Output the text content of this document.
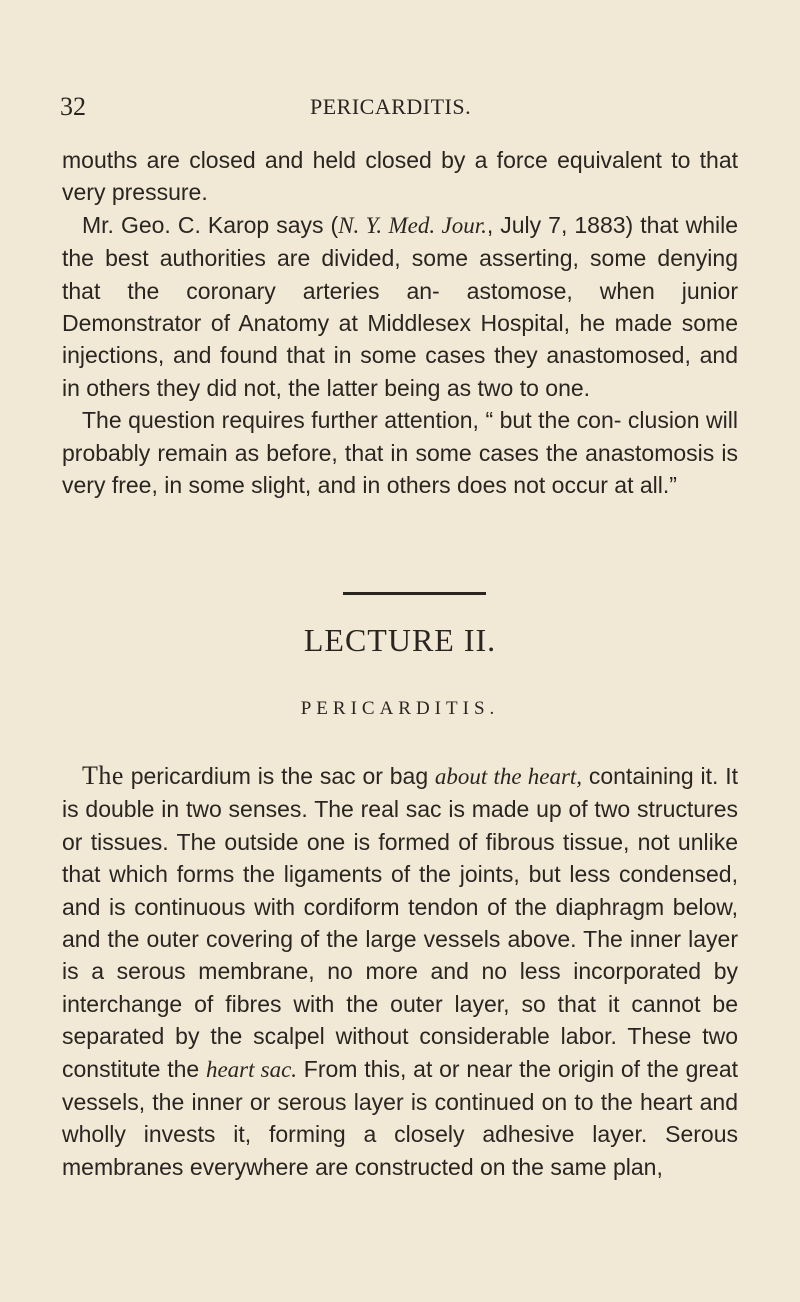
32	PERICARDITIS.

mouths are closed and held closed by a force equivalent to that very pressure.

Mr. Geo. C. Karop says (N. Y. Med. Jour., July 7, 1883) that while the best authorities are divided, some asserting, some denying that the coronary arteries an- astomose, when junior Demonstrator of Anatomy at Middlesex Hospital, he made some injections, and found that in some cases they anastomosed, and in others they did not, the latter being as two to one.

The question requires further attention, “ but the con- clusion will probably remain as before, that in some cases the anastomosis is very free, in some slight, and in others does not occur at all.”

LECTURE II.
PERICARDITIS.

The pericardium is the sac or bag about the heart, containing it. It is double in two senses. The real sac is made up of two structures or tissues. The outside one is formed of fibrous tissue, not unlike that which forms the ligaments of the joints, but less condensed, and is continuous with cordiform tendon of the diaphragm below, and the outer covering of the large vessels above. The inner layer is a serous membrane, no more and no less incorporated by interchange of fibres with the outer layer, so that it cannot be separated by the scalpel without considerable labor. These two constitute the heart sac. From this, at or near the origin of the great vessels, the inner or serous layer is continued on to the heart and wholly invests it, forming a closely adhesive layer. Serous membranes everywhere are constructed on the same plan,
